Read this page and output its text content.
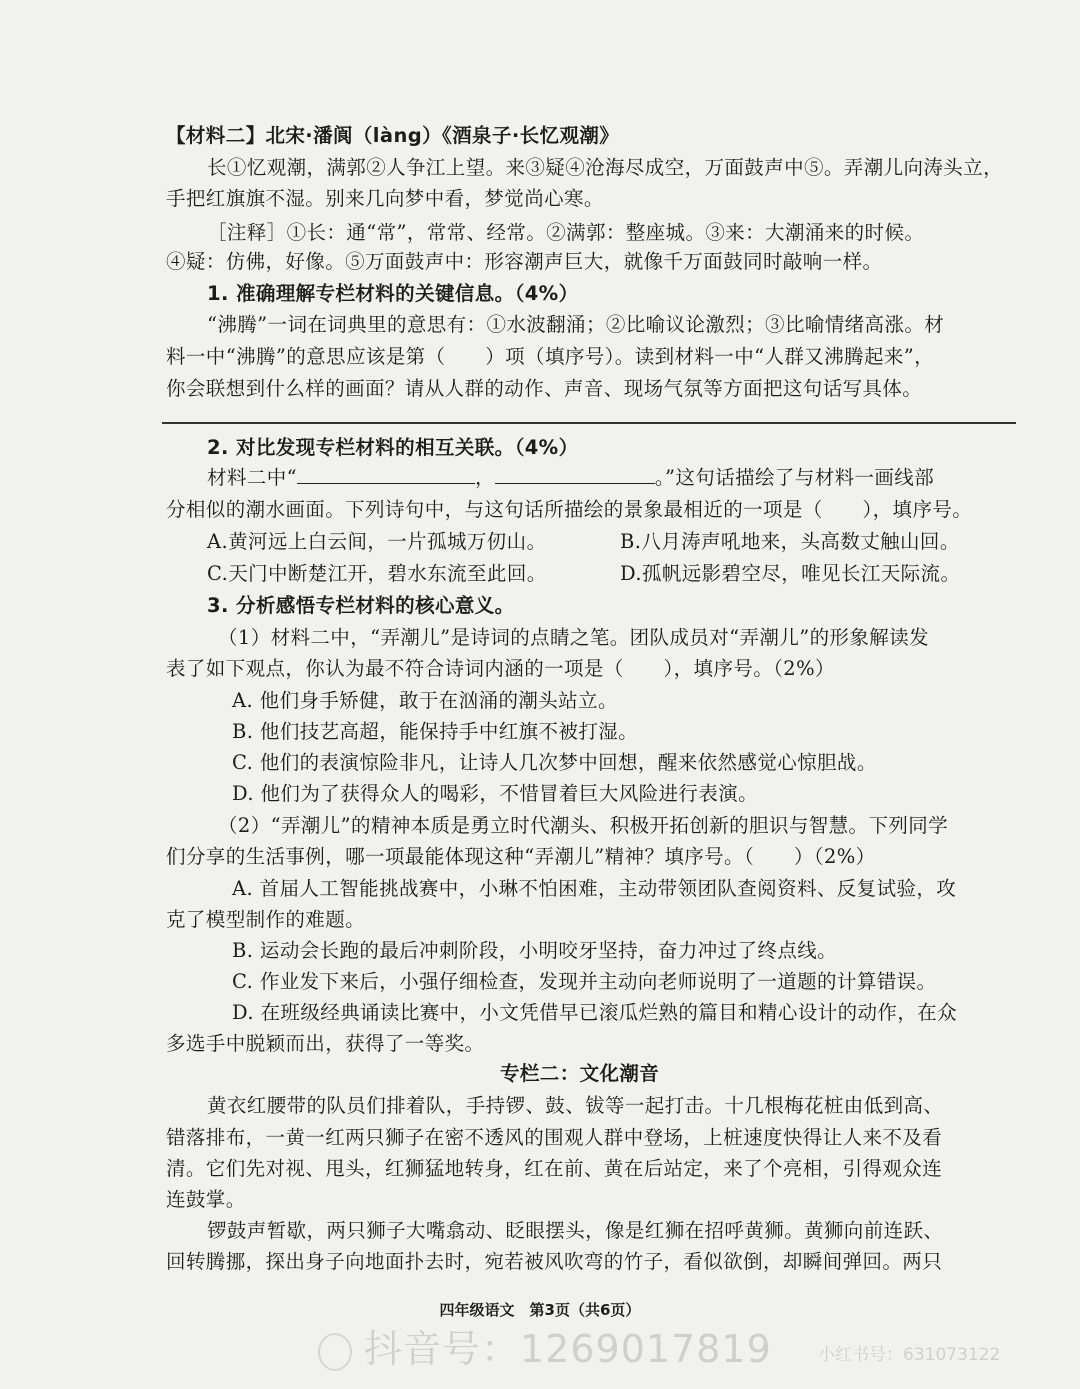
【材料二】北宋·潘阆（làng）《酒泉子·长忆观潮》
长①忆观潮，满郭②人争江上望。来③疑④沧海尽成空，万面鼓声中⑤。弄潮儿向涛头立，
手把红旗旗不湿。别来几向梦中看，梦觉尚心寒。
［注释］①长：通“常”，常常、经常。②满郭：整座城。③来：大潮涌来的时候。
④疑：仿佛，好像。⑤万面鼓声中：形容潮声巨大，就像千万面鼓同时敲响一样。
1. 准确理解专栏材料的关键信息。（4%）
“沸腾”一词在词典里的意思有：①水波翻涌；②比喻议论激烈；③比喻情绪高涨。材
料一中“沸腾”的意思应该是第（　　）项（填序号）。读到材料一中“人群又沸腾起来”，
你会联想到什么样的画面？请从人群的动作、声音、现场气氛等方面把这句话写具体。
2. 对比发现专栏材料的相互关联。（4%）
材料二中“	，	。”这句话描绘了与材料一画线部
分相似的潮水画面。下列诗句中，与这句话所描绘的景象最相近的一项是（　　），填序号。
A.黄河远上白云间，一片孤城万仞山。	B.八月涛声吼地来，头高数丈触山回。
C.天门中断楚江开，碧水东流至此回。	D.孤帆远影碧空尽，唯见长江天际流。
3. 分析感悟专栏材料的核心意义。
（1）材料二中，“弄潮儿”是诗词的点睛之笔。团队成员对“弄潮儿”的形象解读发
表了如下观点，你认为最不符合诗词内涵的一项是（　　），填序号。（2%）
A. 他们身手矫健，敢于在汹涌的潮头站立。
B. 他们技艺高超，能保持手中红旗不被打湿。
C. 他们的表演惊险非凡，让诗人几次梦中回想，醒来依然感觉心惊胆战。
D. 他们为了获得众人的喝彩，不惜冒着巨大风险进行表演。
（2）“弄潮儿”的精神本质是勇立时代潮头、积极开拓创新的胆识与智慧。下列同学
们分享的生活事例，哪一项最能体现这种“弄潮儿”精神？填序号。（　　）（2%）
A. 首届人工智能挑战赛中，小琳不怕困难，主动带领团队查阅资料、反复试验，攻
克了模型制作的难题。
B. 运动会长跑的最后冲刺阶段，小明咬牙坚持，奋力冲过了终点线。
C. 作业发下来后，小强仔细检查，发现并主动向老师说明了一道题的计算错误。
D. 在班级经典诵读比赛中，小文凭借早已滚瓜烂熟的篇目和精心设计的动作，在众
多选手中脱颖而出，获得了一等奖。
专栏二：文化潮音
黄衣红腰带的队员们排着队，手持锣、鼓、钹等一起打击。十几根梅花桩由低到高、
错落排布，一黄一红两只狮子在密不透风的围观人群中登场，上桩速度快得让人来不及看
清。它们先对视、甩头，红狮猛地转身，红在前、黄在后站定，来了个亮相，引得观众连
连鼓掌。
锣鼓声暂歇，两只狮子大嘴翕动、眨眼摆头，像是红狮在招呼黄狮。黄狮向前连跃、
回转腾挪，探出身子向地面扑去时，宛若被风吹弯的竹子，看似欲倒，却瞬间弹回。两只
四年级语文　第3页（共6页）
抖音号：1269017819	小红书号：631073122
